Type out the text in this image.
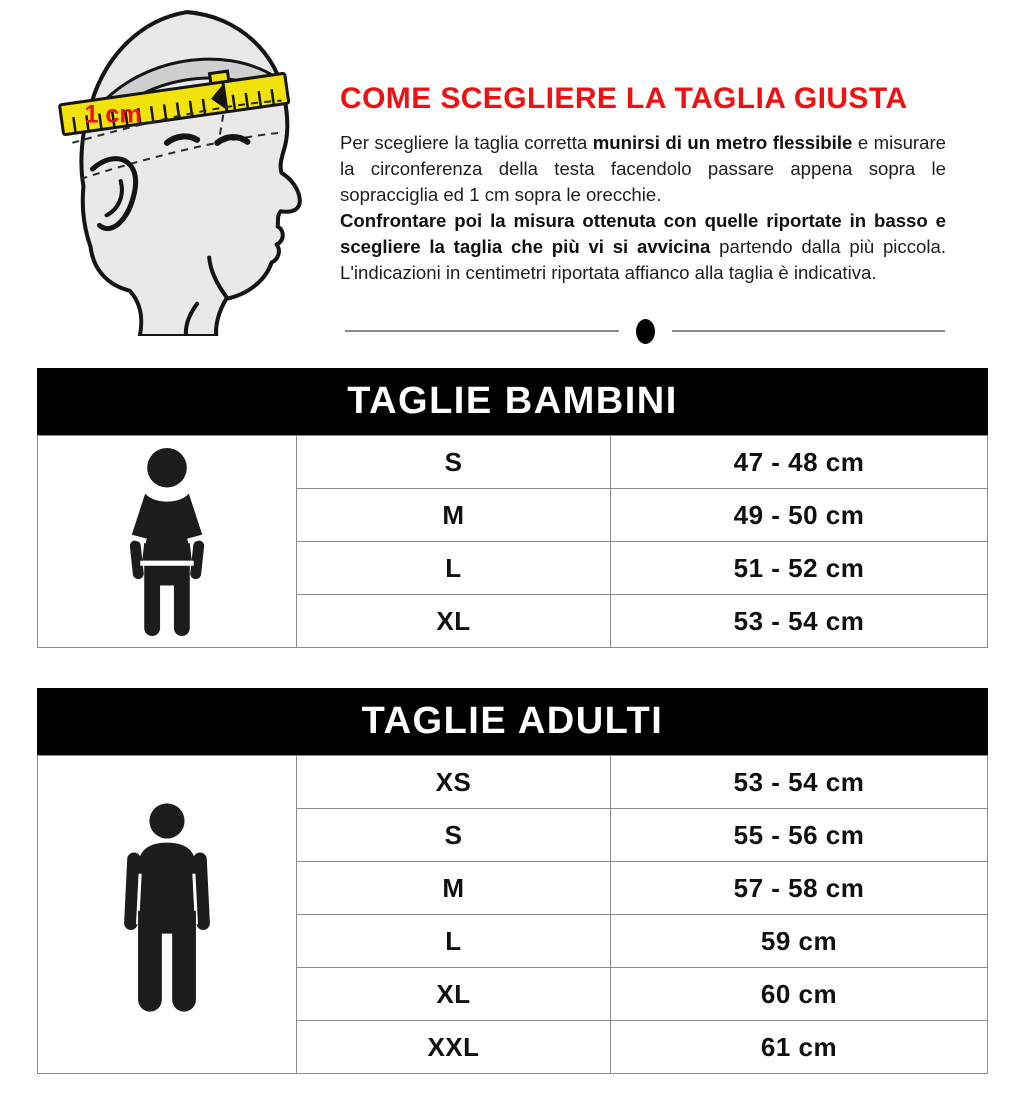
1 cm	COME SCEGLIERE LA TAGLIA GIUSTA

Per scegliere la taglia corretta munirsi di un metro flessibile e misurare la circonferenza della testa facendolo passare appena sopra le sopracciglia ed 1 cm sopra le orecchie.
Confrontare poi la misura ottenuta con quelle riportate in basso e scegliere la taglia che più vi si avvicina partendo dalla più piccola. L'indicazioni in centimetri riportata affianco alla taglia è indicativa.

TAGLIE BAMBINI
	S	47 - 48 cm
	M	49 - 50 cm
	L	51 - 52 cm
	XL	53 - 54 cm
TAGLIE ADULTI
	XS	53 - 54 cm
	S	55 - 56 cm
	M	57 - 58 cm
	L	59 cm
	XL	60 cm
	XXL	61 cm
